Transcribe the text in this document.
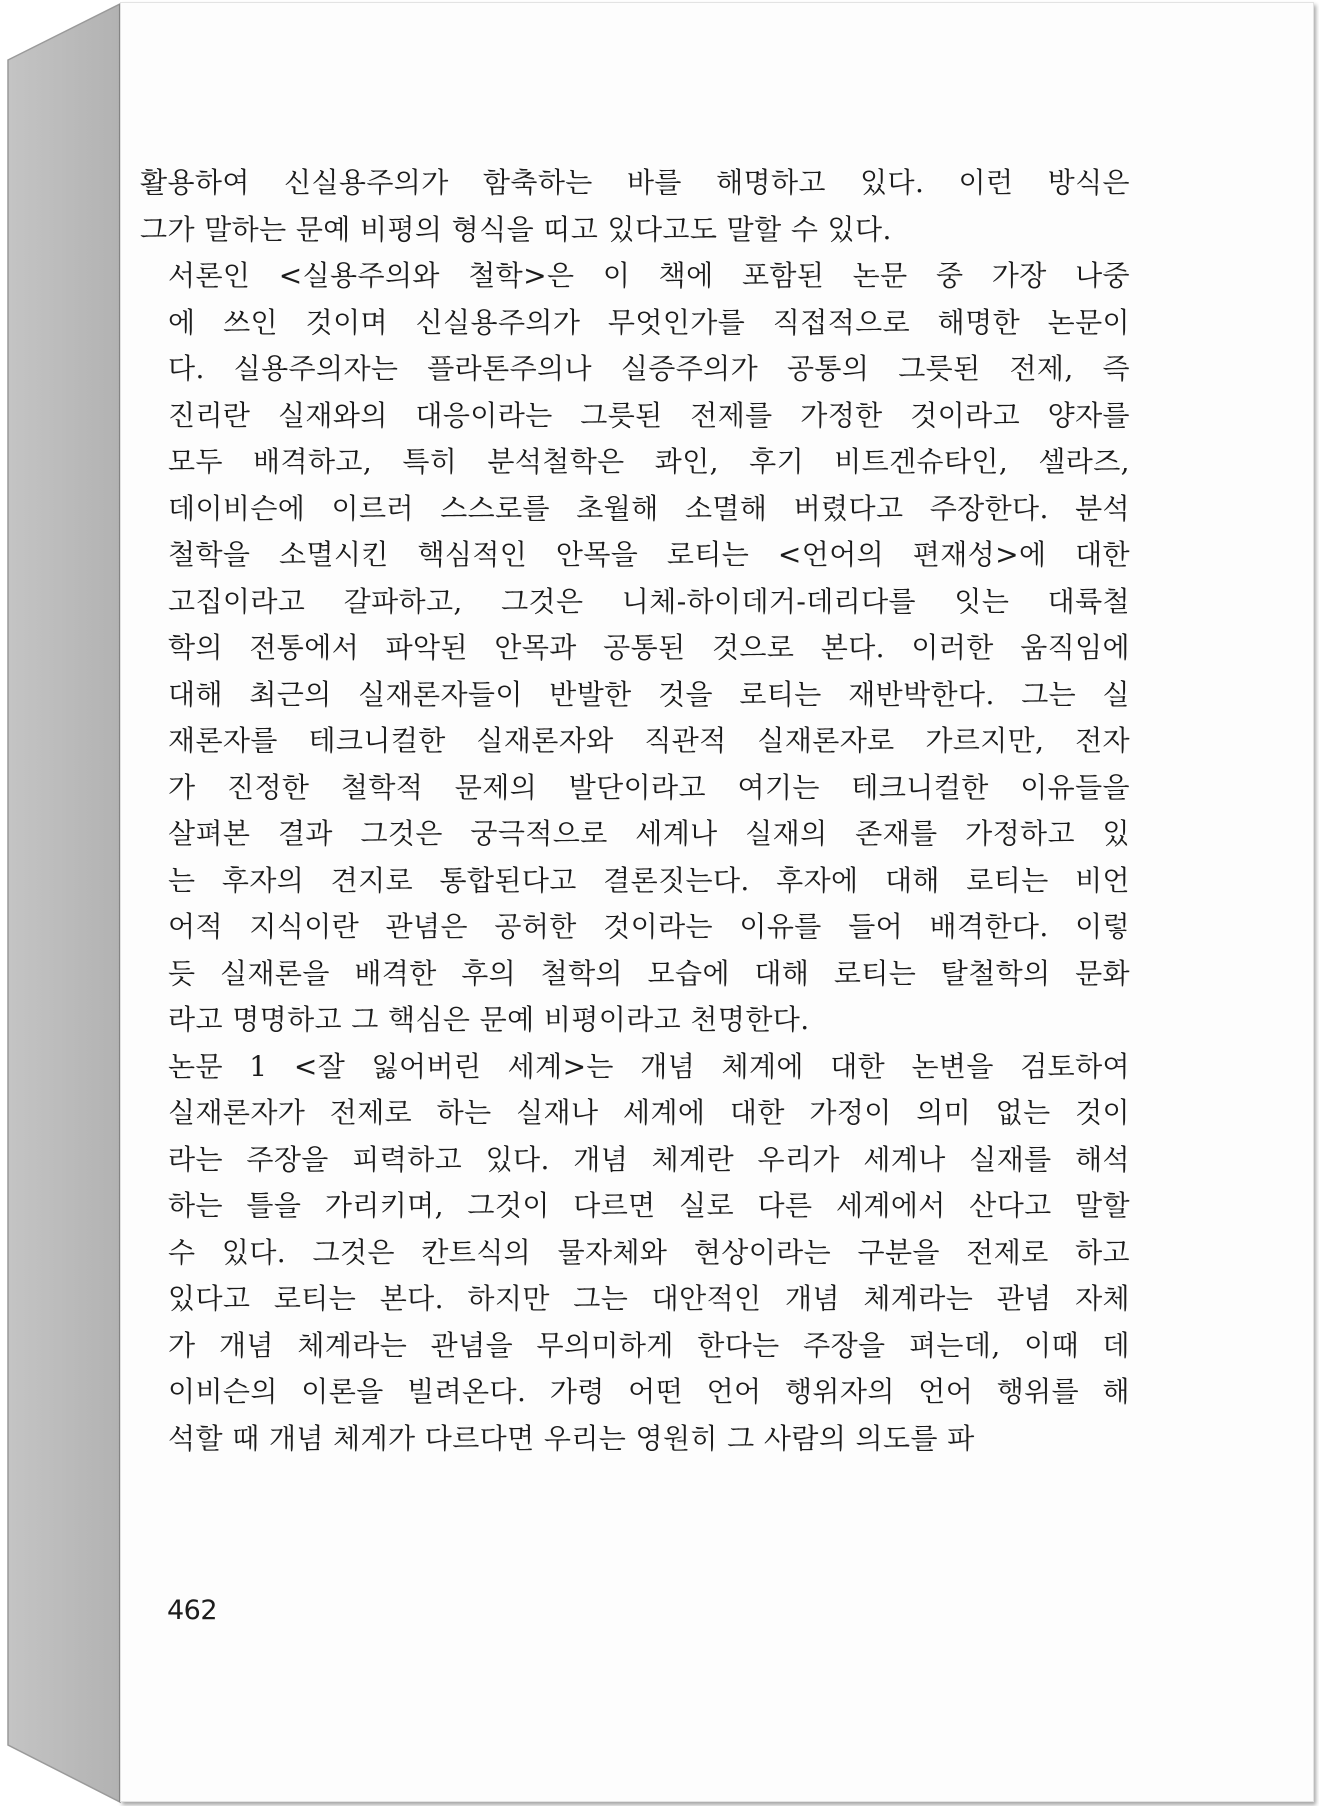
활용하여 신실용주의가 함축하는 바를 해명하고 있다. 이런 방식은
그가 말하는 문예 비평의 형식을 띠고 있다고도 말할 수 있다.

서론인 <실용주의와 철학>은 이 책에 포함된 논문 중 가장 나중
에 쓰인 것이며 신실용주의가 무엇인가를 직접적으로 해명한 논문이
다. 실용주의자는 플라톤주의나 실증주의가 공통의 그릇된 전제, 즉
진리란 실재와의 대응이라는 그릇된 전제를 가정한 것이라고 양자를
모두 배격하고, 특히 분석철학은 콰인, 후기 비트겐슈타인, 셀라즈,
데이비슨에 이르러 스스로를 초월해 소멸해 버렸다고 주장한다. 분석
철학을 소멸시킨 핵심적인 안목을 로티는 <언어의 편재성>에 대한
고집이라고 갈파하고, 그것은 니체-하이데거-데리다를 잇는 대륙철
학의 전통에서 파악된 안목과 공통된 것으로 본다. 이러한 움직임에
대해 최근의 실재론자들이 반발한 것을 로티는 재반박한다. 그는 실
재론자를 테크니컬한 실재론자와 직관적 실재론자로 가르지만, 전자
가 진정한 철학적 문제의 발단이라고 여기는 테크니컬한 이유들을
살펴본 결과 그것은 궁극적으로 세계나 실재의 존재를 가정하고 있
는 후자의 견지로 통합된다고 결론짓는다. 후자에 대해 로티는 비언
어적 지식이란 관념은 공허한 것이라는 이유를 들어 배격한다. 이렇
듯 실재론을 배격한 후의 철학의 모습에 대해 로티는 탈철학의 문화
라고 명명하고 그 핵심은 문예 비평이라고 천명한다.

논문 1 <잘 잃어버린 세계>는 개념 체계에 대한 논변을 검토하여
실재론자가 전제로 하는 실재나 세계에 대한 가정이 의미 없는 것이
라는 주장을 피력하고 있다. 개념 체계란 우리가 세계나 실재를 해석
하는 틀을 가리키며, 그것이 다르면 실로 다른 세계에서 산다고 말할
수 있다. 그것은 칸트식의 물자체와 현상이라는 구분을 전제로 하고
있다고 로티는 본다. 하지만 그는 대안적인 개념 체계라는 관념 자체
가 개념 체계라는 관념을 무의미하게 한다는 주장을 펴는데, 이때 데
이비슨의 이론을 빌려온다. 가령 어떤 언어 행위자의 언어 행위를 해
석할 때 개념 체계가 다르다면 우리는 영원히 그 사람의 의도를 파

462
